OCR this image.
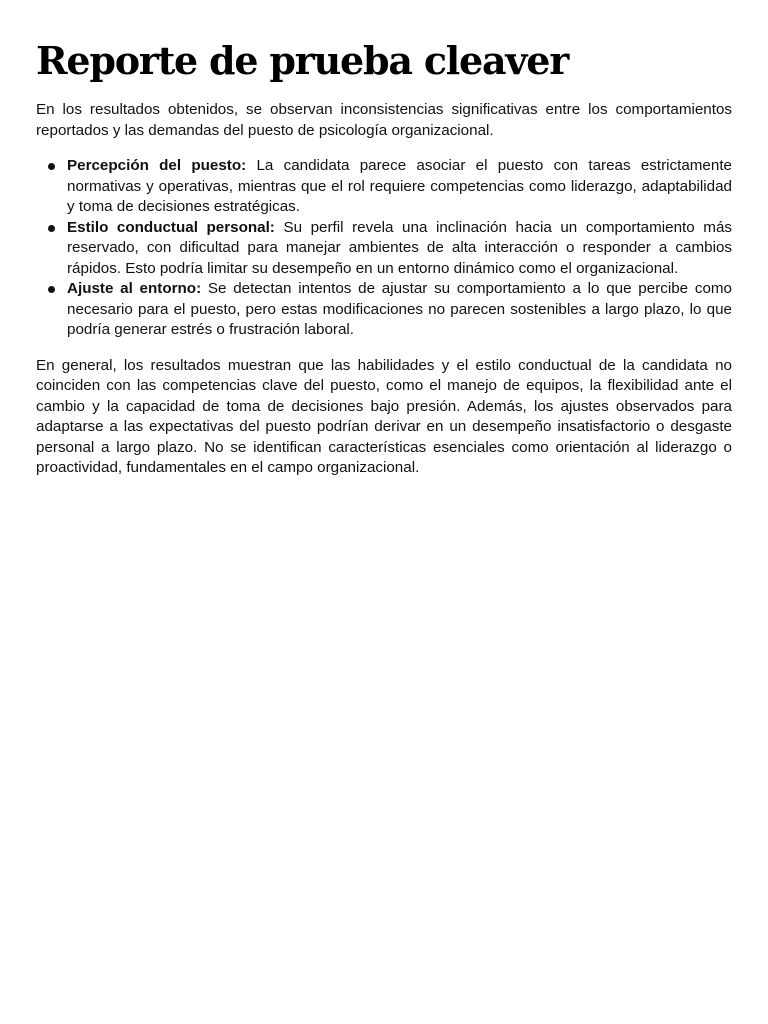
Reporte de prueba cleaver

En los resultados obtenidos, se observan inconsistencias significativas entre los comportamientos reportados y las demandas del puesto de psicología organizacional.

Percepción del puesto: La candidata parece asociar el puesto con tareas estrictamente normativas y operativas, mientras que el rol requiere competencias como liderazgo, adaptabilidad y toma de decisiones estratégicas.
Estilo conductual personal: Su perfil revela una inclinación hacia un comportamiento más reservado, con dificultad para manejar ambientes de alta interacción o responder a cambios rápidos. Esto podría limitar su desempeño en un entorno dinámico como el organizacional.
Ajuste al entorno: Se detectan intentos de ajustar su comportamiento a lo que percibe como necesario para el puesto, pero estas modificaciones no parecen sostenibles a largo plazo, lo que podría generar estrés o frustración laboral.

En general, los resultados muestran que las habilidades y el estilo conductual de la candidata no coinciden con las competencias clave del puesto, como el manejo de equipos, la flexibilidad ante el cambio y la capacidad de toma de decisiones bajo presión. Además, los ajustes observados para adaptarse a las expectativas del puesto podrían derivar en un desempeño insatisfactorio o desgaste personal a largo plazo. No se identifican características esenciales como orientación al liderazgo o proactividad, fundamentales en el campo organizacional.
